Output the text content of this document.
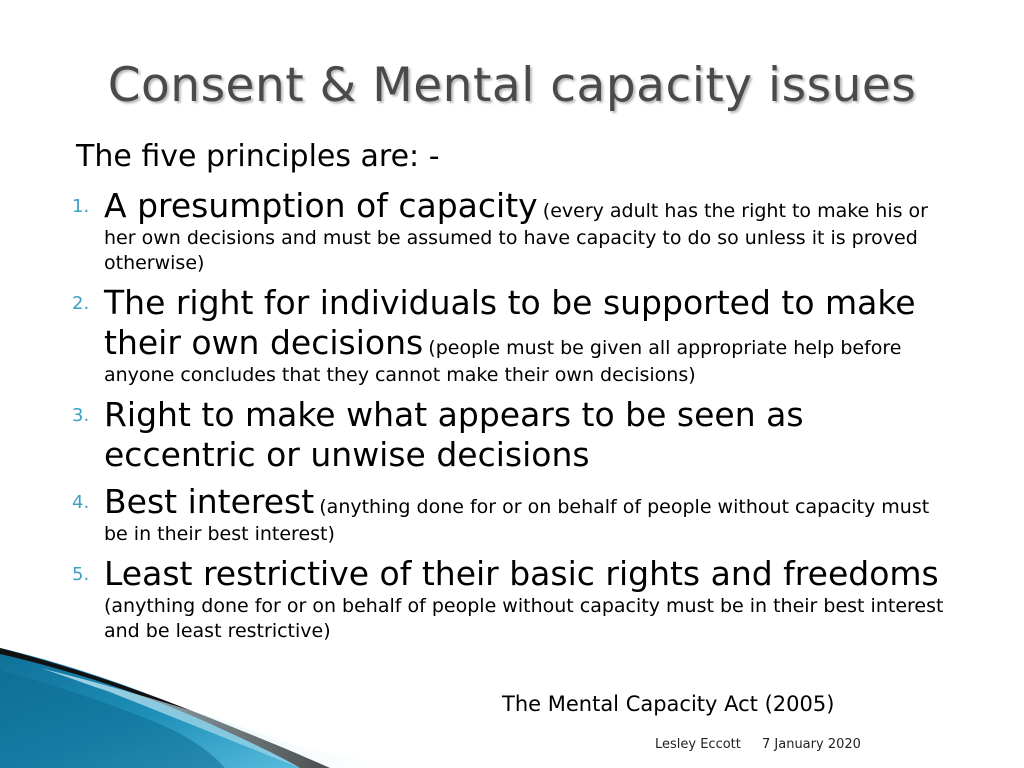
Consent & Mental capacity issues
The five principles are: -
1. A presumption of capacity (every adult has the right to make his or her own decisions and must be assumed to have capacity to do so unless it is proved otherwise)
2. The right for individuals to be supported to make their own decisions (people must be given all appropriate help before anyone concludes that they cannot make their own decisions)
3. Right to make what appears to be seen as eccentric or unwise decisions
4. Best interest (anything done for or on behalf of people without capacity must be in their best interest)
5. Least restrictive of their basic rights and freedoms (anything done for or on behalf of people without capacity must be in their best interest and be least restrictive)
The Mental Capacity Act (2005)
Lesley Eccott 7 January 2020
